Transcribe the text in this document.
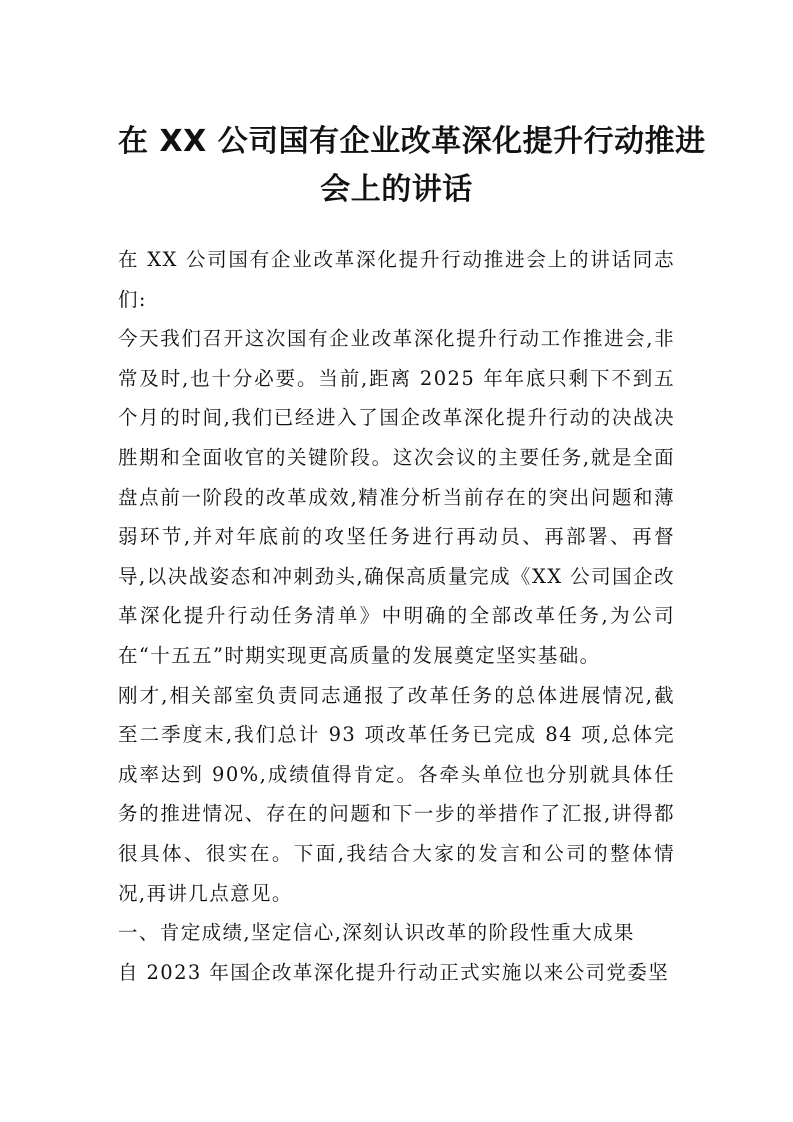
在 XX 公司国有企业改革深化提升行动推进
会上的讲话

在 XX 公司国有企业改革深化提升行动推进会上的讲话同志们:

今天我们召开这次国有企业改革深化提升行动工作推进会,非常及时,也十分必要。当前,距离 2025 年年底只剩下不到五个月的时间,我们已经进入了国企改革深化提升行动的决战决胜期和全面收官的关键阶段。这次会议的主要任务,就是全面盘点前一阶段的改革成效,精准分析当前存在的突出问题和薄弱环节,并对年底前的攻坚任务进行再动员、再部署、再督导,以决战姿态和冲刺劲头,确保高质量完成《XX 公司国企改革深化提升行动任务清单》中明确的全部改革任务,为公司在“十五五”时期实现更高质量的发展奠定坚实基础。

刚才,相关部室负责同志通报了改革任务的总体进展情况,截至二季度末,我们总计 93 项改革任务已完成 84 项,总体完成率达到 90%,成绩值得肯定。各牵头单位也分别就具体任务的推进情况、存在的问题和下一步的举措作了汇报,讲得都很具体、很实在。下面,我结合大家的发言和公司的整体情况,再讲几点意见。

一、肯定成绩,坚定信心,深刻认识改革的阶段性重大成果

自 2023 年国企改革深化提升行动正式实施以来公司党委坚
